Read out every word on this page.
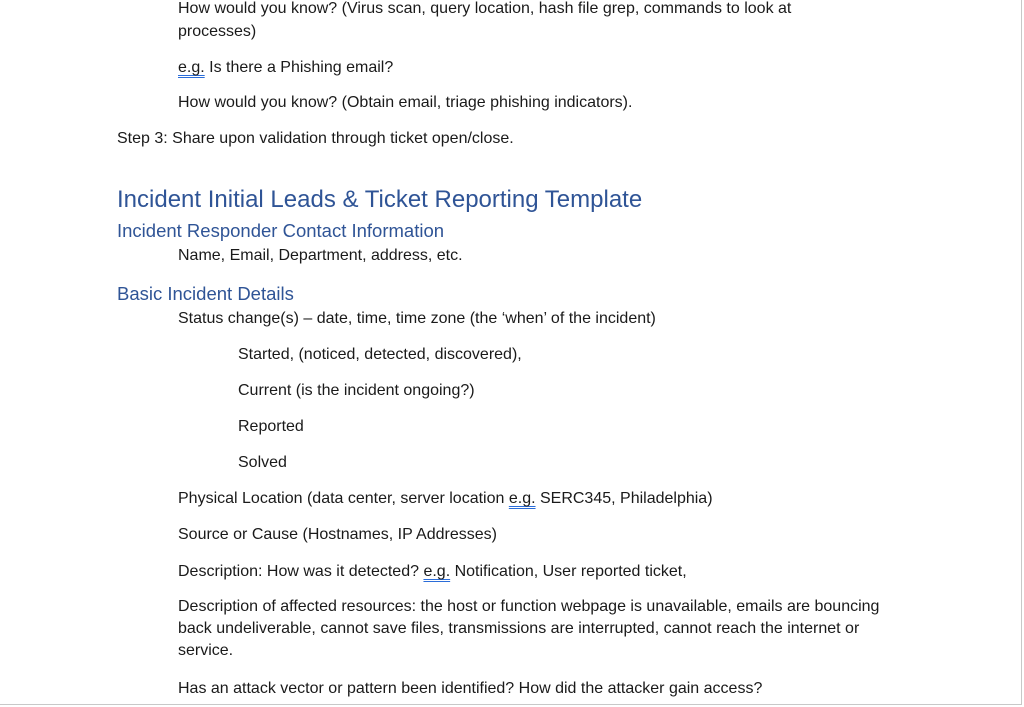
How would you know? (Virus scan, query location, hash file grep, commands to look at
processes)
e.g. Is there a Phishing email?
How would you know? (Obtain email, triage phishing indicators).
Step 3: Share upon validation through ticket open/close.
Incident Initial Leads & Ticket Reporting Template
Incident Responder Contact Information
Name, Email, Department, address, etc.
Basic Incident Details
Status change(s) – date, time, time zone (the ‘when’ of the incident)
Started, (noticed, detected, discovered),
Current (is the incident ongoing?)
Reported
Solved
Physical Location (data center, server location e.g. SERC345, Philadelphia)
Source or Cause (Hostnames, IP Addresses)
Description: How was it detected? e.g. Notification, User reported ticket,
Description of affected resources: the host or function webpage is unavailable, emails are bouncing back undeliverable, cannot save files, transmissions are interrupted, cannot reach the internet or service.
Has an attack vector or pattern been identified? How did the attacker gain access?
